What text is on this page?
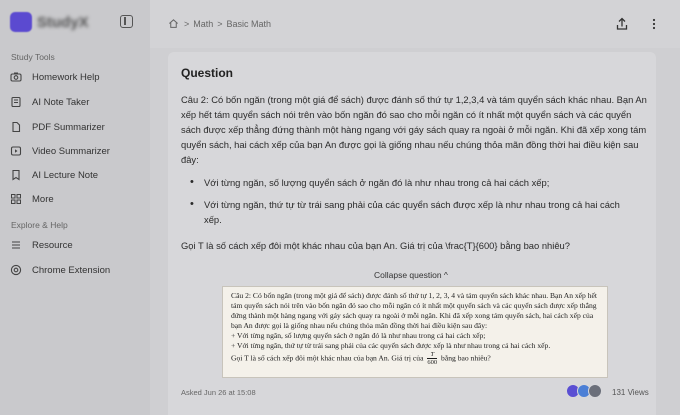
StudyX
Study Tools
Homework Help
AI Note Taker
PDF Summarizer
Video Summarizer
AI Lecture Note
More
Explore & Help
Resource
Chrome Extension
> Math > Basic Math
Question
Câu 2: Có bốn ngăn (trong một giá để sách) được đánh số thứ tự 1,2,3,4 và tám quyển sách khác nhau. Bạn An xếp hết tám quyển sách nói trên vào bốn ngăn đó sao cho mỗi ngăn có ít nhất một quyển sách và các quyển sách được xếp thẳng đứng thành một hàng ngang với gáy sách quay ra ngoài ở mỗi ngăn. Khi đã xếp xong tám quyển sách, hai cách xếp của bạn An được gọi là giống nhau nếu chúng thỏa mãn đồng thời hai điều kiện sau đây:
• Với từng ngăn, số lượng quyển sách ở ngăn đó là như nhau trong cả hai cách xếp;
• Với từng ngăn, thứ tự từ trái sang phải của các quyển sách được xếp là như nhau trong cả hai cách xếp.
Gọi T là số cách xếp đôi một khác nhau của bạn An. Giá trị của \frac{T}{600} bằng bao nhiêu?
Collapse question ^
Câu 2: Có bốn ngăn (trong một giá để sách) được đánh số thứ tự 1, 2, 3, 4 và tám quyển sách khác nhau. Bạn An xếp hết tám quyển sách nói trên vào bốn ngăn đó sao cho mỗi ngăn có ít nhất một quyển sách và các quyển sách được xếp thẳng đứng thành một hàng ngang với gáy sách quay ra ngoài ở mỗi ngăn. Khi đã xếp xong tám quyển sách, hai cách xếp của bạn An được gọi là giống nhau nếu chúng thỏa mãn đồng thời hai điều kiện sau đây:
+ Với từng ngăn, số lượng quyển sách ở ngăn đó là như nhau trong cả hai cách xếp;
+ Với từng ngăn, thứ tự từ trái sang phải của các quyển sách được xếp là như nhau trong cả hai cách xếp.
Gọi T là số cách xếp đôi một khác nhau của bạn An. Giá trị của $\frac{T}{600}$ bằng bao nhiêu?
Asked Jun 26 at 15:08	131 Views
